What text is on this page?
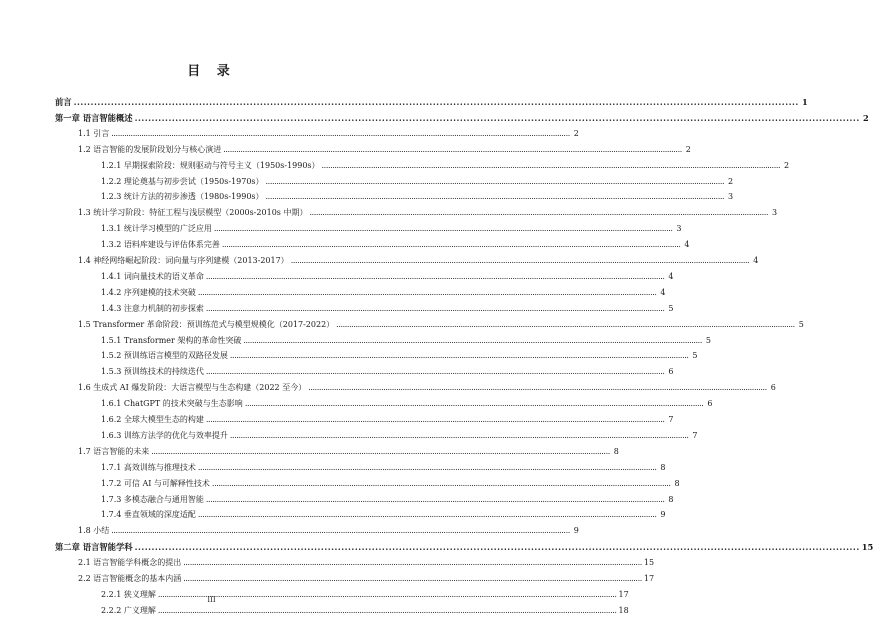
目 录
前言 .....	1
第一章 语言智能概述 .....	2
1.1 引言 .....	2
1.2 语言智能的发展阶段划分与核心演进 .....	2
1.2.1 早期探索阶段：规则驱动与符号主义（1950s-1990s） .....	2
1.2.2 理论奠基与初步尝试（1950s-1970s） .....	2
1.2.3 统计方法的初步渗透（1980s-1990s） .....	3
1.3 统计学习阶段：特征工程与浅层模型（2000s-2010s 中期） .....	3
1.3.1 统计学习模型的广泛应用 .....	3
1.3.2 语料库建设与评估体系完善 .....	4
1.4 神经网络崛起阶段：词向量与序列建模（2013-2017） .....	4
1.4.1 词向量技术的语义革命 .....	4
1.4.2 序列建模的技术突破 .....	4
1.4.3 注意力机制的初步探索 .....	5
1.5 Transformer 革命阶段：预训练范式与模型规模化（2017-2022） .....	5
1.5.1 Transformer 架构的革命性突破 .....	5
1.5.2 预训练语言模型的双路径发展 .....	5
1.5.3 预训练技术的持续迭代 .....	6
1.6 生成式 AI 爆发阶段：大语言模型与生态构建（2022 至今） .....	6
1.6.1 ChatGPT 的技术突破与生态影响 .....	6
1.6.2 全球大模型生态的构建 .....	7
1.6.3 训练方法学的优化与效率提升 .....	7
1.7 语言智能的未来 .....	8
1.7.1 高效训练与推理技术 .....	8
1.7.2 可信 AI 与可解释性技术 .....	8
1.7.3 多模态融合与通用智能 .....	8
1.7.4 垂直领域的深度适配 .....	9
1.8 小结 .....	9
第二章 语言智能学科 .....	15
2.1 语言智能学科概念的提出 .....	15
2.2 语言智能概念的基本内涵 .....	17
2.2.1 狭义理解 .....	17
2.2.2 广义理解 .....	18
III
